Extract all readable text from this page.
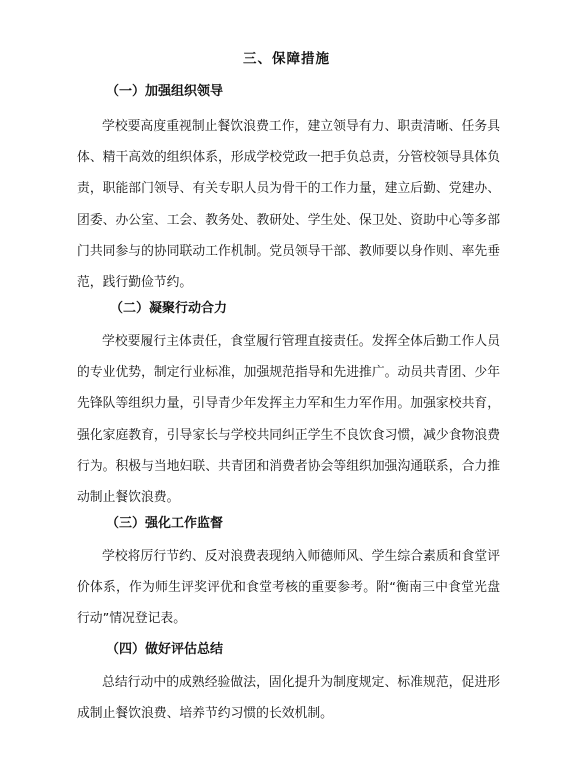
三、保障措施
（一）加强组织领导

学校要高度重视制止餐饮浪费工作，建立领导有力、职责清晰、任务具体、精干高效的组织体系，形成学校党政一把手负总责，分管校领导具体负责，职能部门领导、有关专职人员为骨干的工作力量，建立后勤、党建办、团委、办公室、工会、教务处、教研处、学生处、保卫处、资助中心等多部门共同参与的协同联动工作机制。党员领导干部、教师要以身作则、率先垂范，践行勤俭节约。

（二）凝聚行动合力

学校要履行主体责任，食堂履行管理直接责任。发挥全体后勤工作人员的专业优势，制定行业标准，加强规范指导和先进推广。动员共青团、少年先锋队等组织力量，引导青少年发挥主力军和生力军作用。加强家校共育，强化家庭教育，引导家长与学校共同纠正学生不良饮食习惯，减少食物浪费行为。积极与当地妇联、共青团和消费者协会等组织加强沟通联系，合力推动制止餐饮浪费。

（三）强化工作监督

学校将厉行节约、反对浪费表现纳入师德师风、学生综合素质和食堂评价体系，作为师生评奖评优和食堂考核的重要参考。附“衡南三中食堂光盘行动”情况登记表。

（四）做好评估总结

总结行动中的成熟经验做法，固化提升为制度规定、标准规范，促进形成制止餐饮浪费、培养节约习惯的长效机制。
